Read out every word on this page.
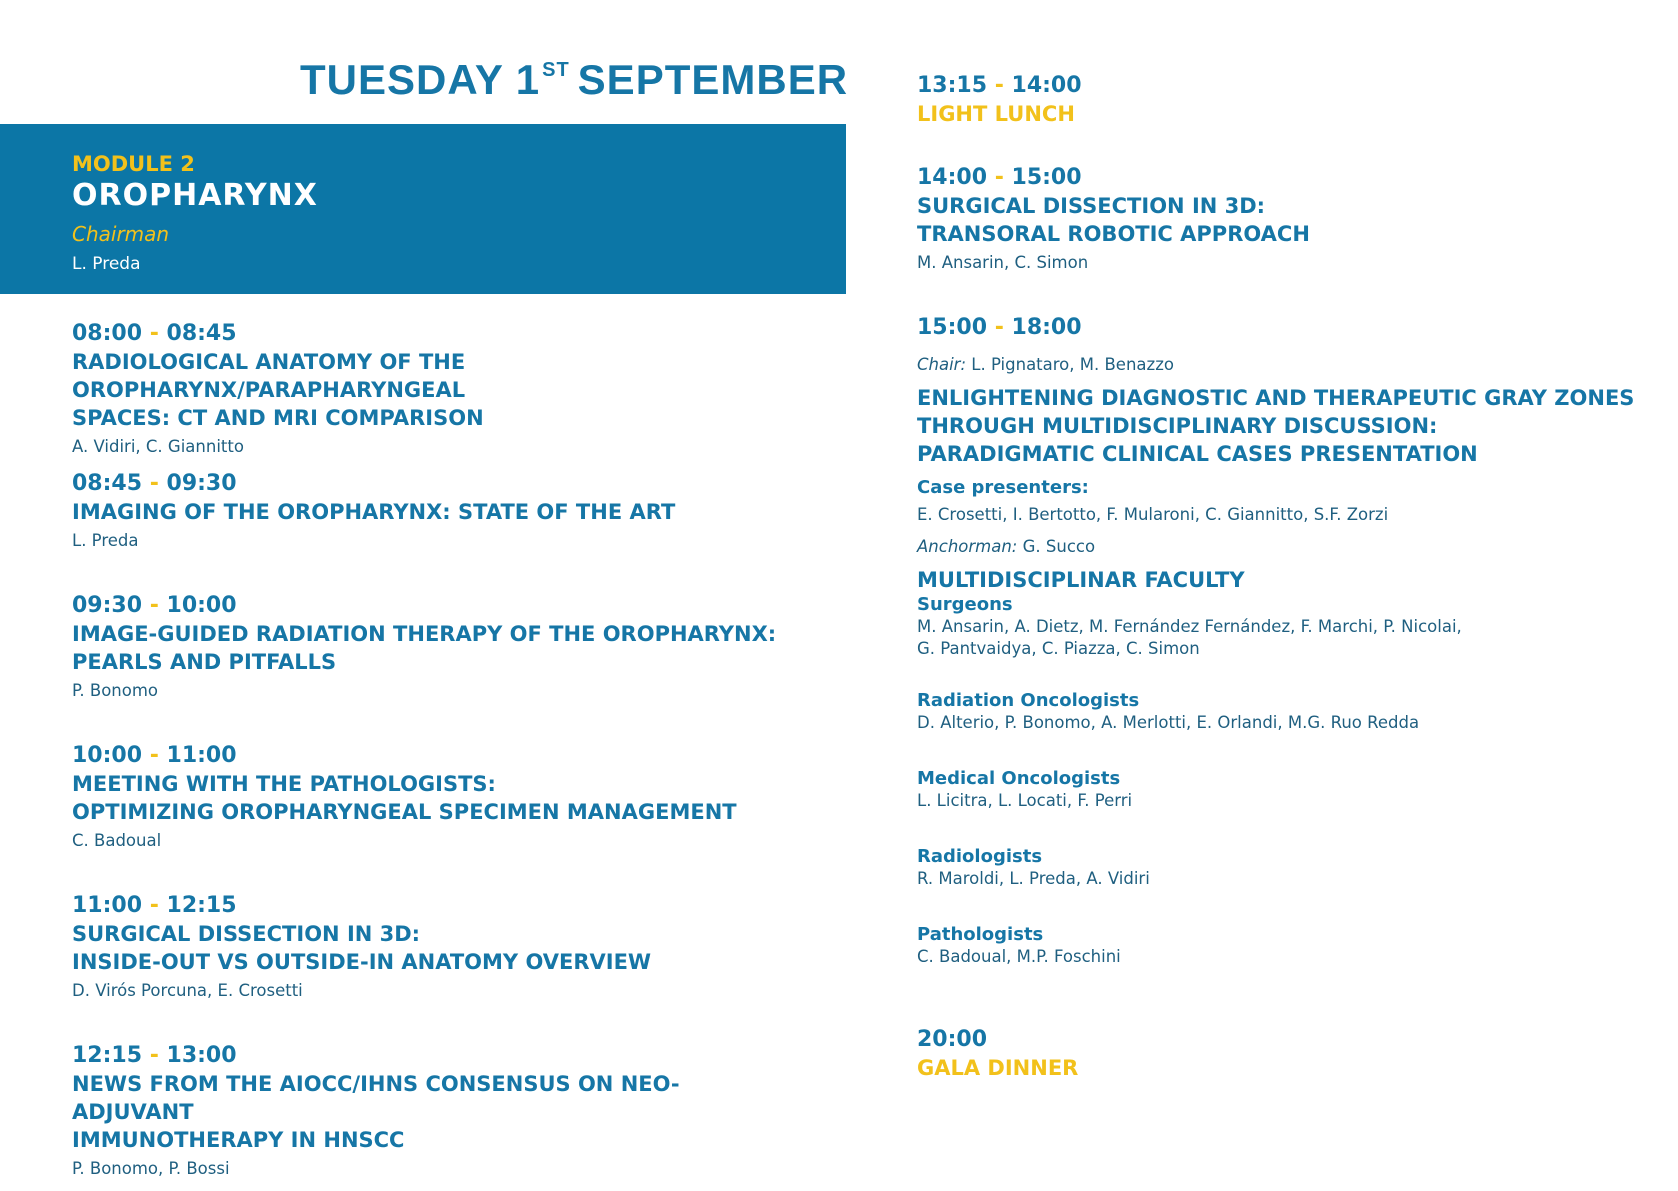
TUESDAY 1 $^{ST}$ SEPTEMBER
MODULE 2
OROPHARYNX
Chairman
L. Preda
08:00 - 08:45
RADIOLOGICAL ANATOMY OF THE OROPHARYNX/PARAPHARYNGEAL
SPACES: CT AND MRI COMPARISON
A. Vidiri, C. Giannitto
08:45 - 09:30
IMAGING OF THE OROPHARYNX: STATE OF THE ART
L. Preda
09:30 - 10:00
IMAGE-GUIDED RADIATION THERAPY OF THE OROPHARYNX:
PEARLS AND PITFALLS
P. Bonomo
10:00 - 11:00
MEETING WITH THE PATHOLOGISTS:
OPTIMIZING OROPHARYNGEAL SPECIMEN MANAGEMENT
C. Badoual
11:00 - 12:15
SURGICAL DISSECTION IN 3D:
INSIDE-OUT VS OUTSIDE-IN ANATOMY OVERVIEW
D. Virós Porcuna, E. Crosetti
12:15 - 13:00
NEWS FROM THE AIOCC/IHNS CONSENSUS ON NEO-ADJUVANT
IMMUNOTHERAPY IN HNSCC
P. Bonomo, P. Bossi
13:15 - 14:00
LIGHT LUNCH
14:00 - 15:00
SURGICAL DISSECTION IN 3D:
TRANSORAL ROBOTIC APPROACH
M. Ansarin, C. Simon
15:00 - 18:00
Chair: L. Pignataro, M. Benazzo
ENLIGHTENING DIAGNOSTIC AND THERAPEUTIC GRAY ZONES
THROUGH MULTIDISCIPLINARY DISCUSSION:
PARADIGMATIC CLINICAL CASES PRESENTATION
Case presenters:
E. Crosetti, I. Bertotto, F. Mularoni, C. Giannitto, S.F. Zorzi
Anchorman: G. Succo
MULTIDISCIPLINAR FACULTY
Surgeons
M. Ansarin, A. Dietz, M. Fernández Fernández, F. Marchi, P. Nicolai,
G. Pantvaidya, C. Piazza, C. Simon
Radiation Oncologists
D. Alterio, P. Bonomo, A. Merlotti, E. Orlandi, M.G. Ruo Redda
Medical Oncologists
L. Licitra, L. Locati, F. Perri
Radiologists
R. Maroldi, L. Preda, A. Vidiri
Pathologists
C. Badoual, M.P. Foschini
20:00
GALA DINNER
